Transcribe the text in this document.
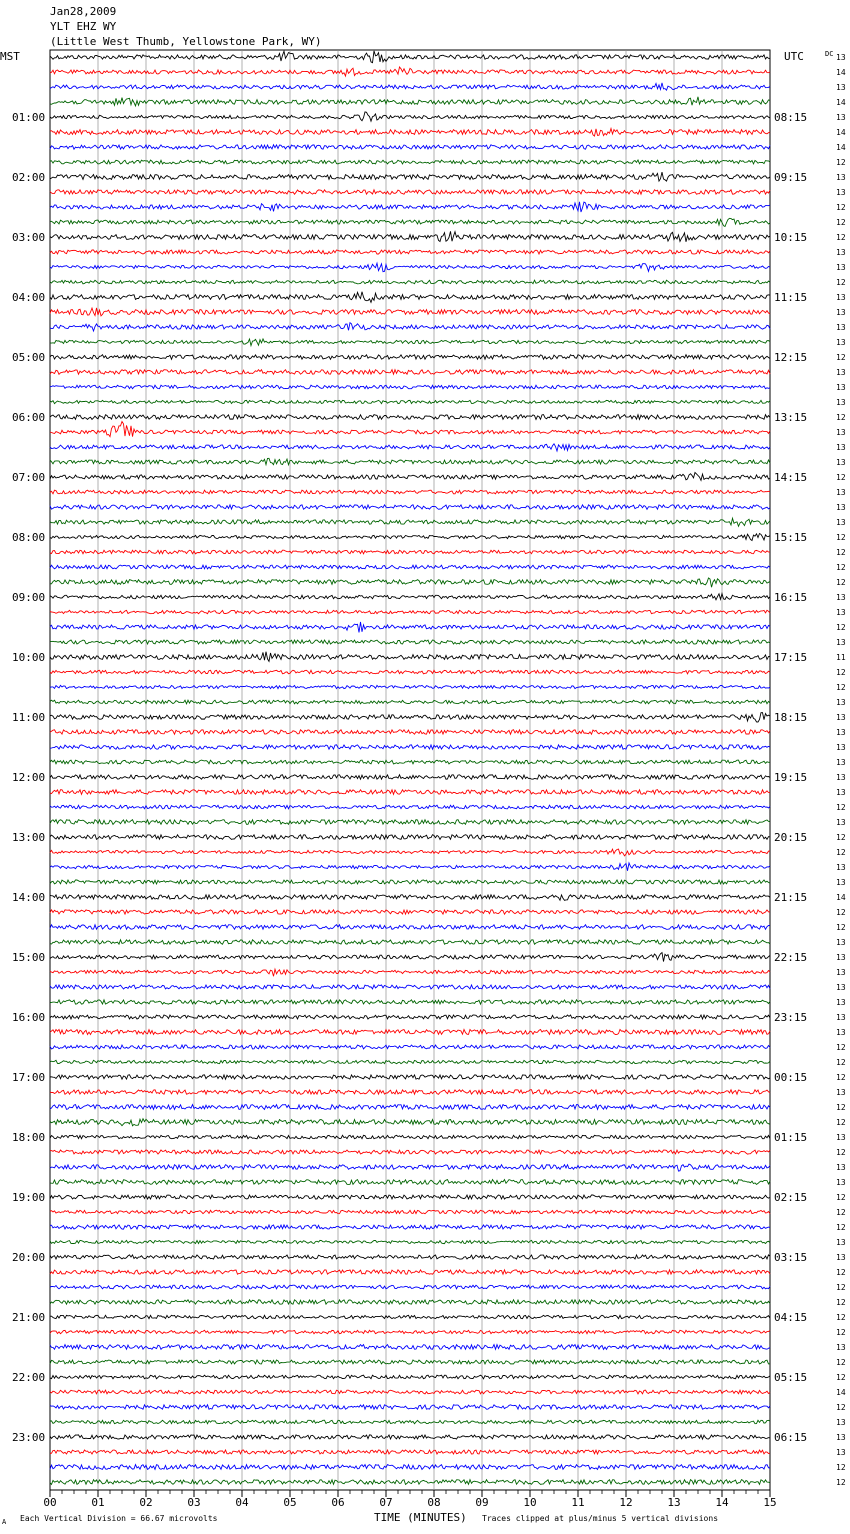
00	01	02	03	04	05	06	07	08	09	10	11	12	13	14	15
01:00
02:00
03:00
04:00
05:00
06:00
07:00
08:00
09:00
10:00
11:00
12:00
13:00
14:00
15:00
16:00
17:00
18:00
19:00
20:00
21:00
22:00
23:00
08:15
09:15
10:15
11:15
12:15
13:15
14:15
15:15
16:15
17:15
18:15
19:15
20:15
21:15
22:15
23:15
00:15
01:15
02:15
03:15
04:15
05:15
06:15
13
14
13
14
13
14
14
12
13
13
12
12
12
13
13
12
13
13
13
13
12
13
13
13
12
13
13
13
12
13
13
13
12
12
12
12
13
13
12
13
11
12
12
13
13
13
13
13
13
13
12
13
12
12
13
13
14
12
12
13
13
13
13
13
13
13
12
12
12
13
12
12
13
12
13
13
12
12
12
13
13
12
12
12
12
12
13
12
12
14
12
13
13
13
12
12
Jan28,2009
YLT EHZ WY
(Little West Thumb, Yellowstone Park, WY)
MST	UTC	DC
TIME (MINUTES)
Each Vertical Division = 66.67 microvolts	Traces clipped at plus/minus 5 vertical divisions
A
